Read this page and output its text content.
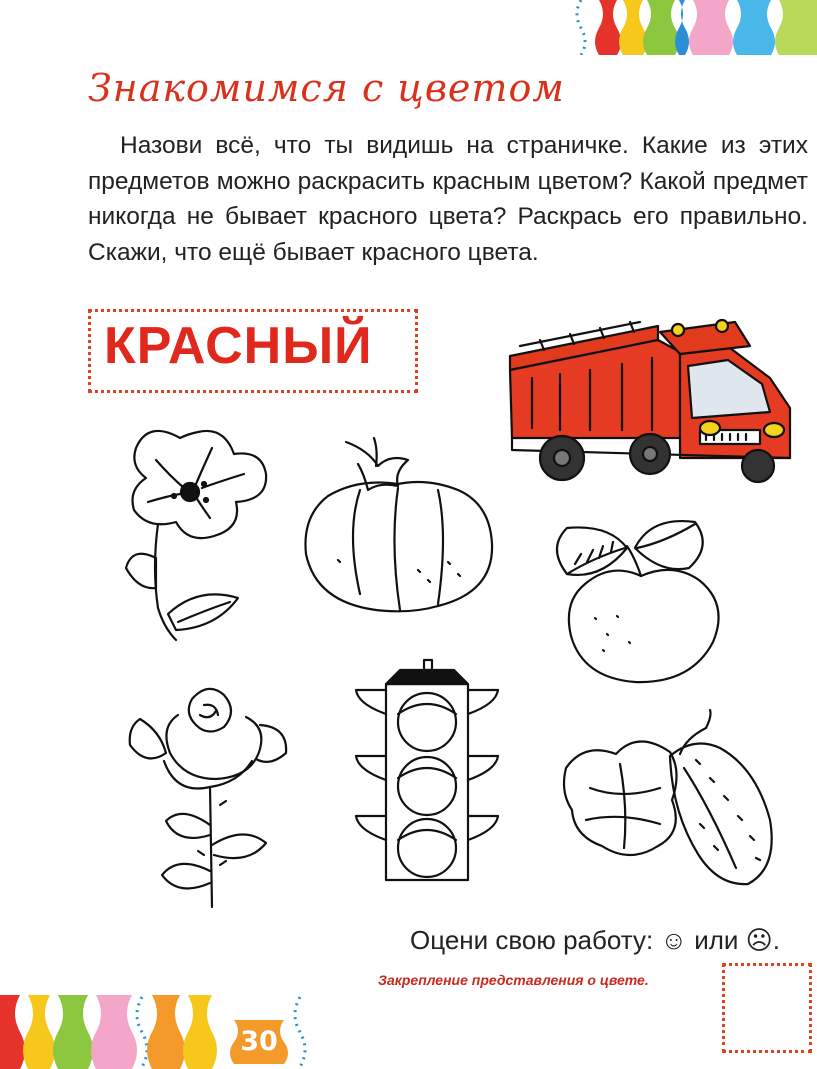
30
Знакомимся с цветом
Назови всё, что ты видишь на страничке. Какие из этих предметов можно раскрасить красным цветом? Какой предмет никогда не бывает красного цвета? Раскрась его правильно. Скажи, что ещё бывает красного цвета.
КРАСНЫЙ
Оцени свою работу: ☺ или ☹.
Закрепление представления о цвете.
